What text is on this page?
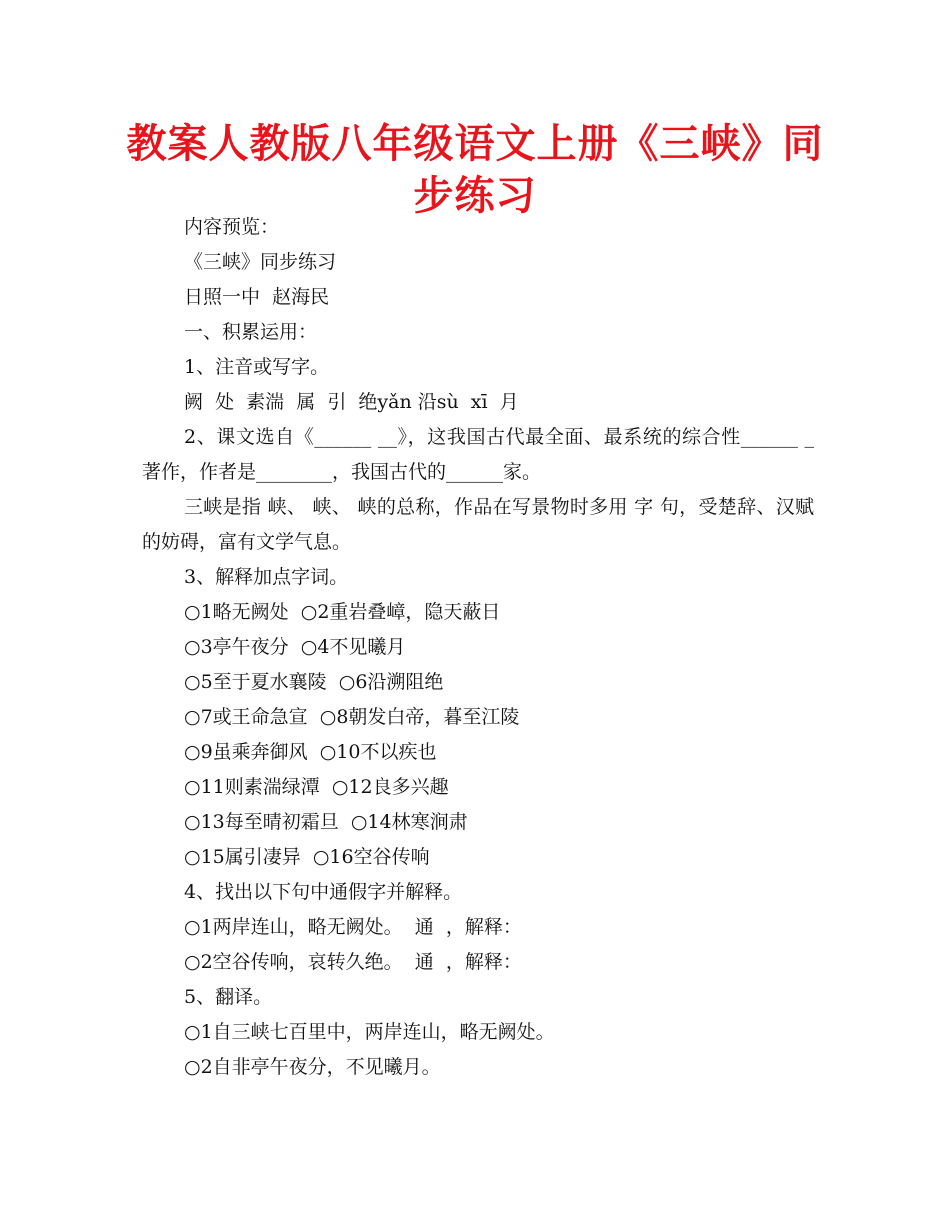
教案人教版八年级语文上册《三峡》同步练习
内容预览：
《三峡》同步练习
日照一中  赵海民
一、积累运用：
1、注音或写字。
阙  处  素湍  属  引  绝yǎn 沿sù  xī  月
2、课文选自《______ __》，这我国古代最全面、最系统的综合性______ _著作，作者是________，我国古代的______家。
三峡是指 峡、 峡、 峡的总称，作品在写景物时多用 字 句，受楚辞、汉赋的妨碍，富有文学气息。
3、解释加点字词。
○1略无阙处  ○2重岩叠嶂，隐天蔽日
○3亭午夜分  ○4不见曦月
○5至于夏水襄陵  ○6沿溯阻绝
○7或王命急宣  ○8朝发白帝，暮至江陵
○9虽乘奔御风  ○10不以疾也
○11则素湍绿潭  ○12良多兴趣
○13每至晴初霜旦  ○14林寒涧肃
○15属引凄异  ○16空谷传响
4、找出以下句中通假字并解释。
○1两岸连山，略无阙处。  通  ，解释：
○2空谷传响，哀转久绝。  通  ，解释：
5、翻译。
○1自三峡七百里中，两岸连山，略无阙处。
○2自非亭午夜分，不见曦月。
